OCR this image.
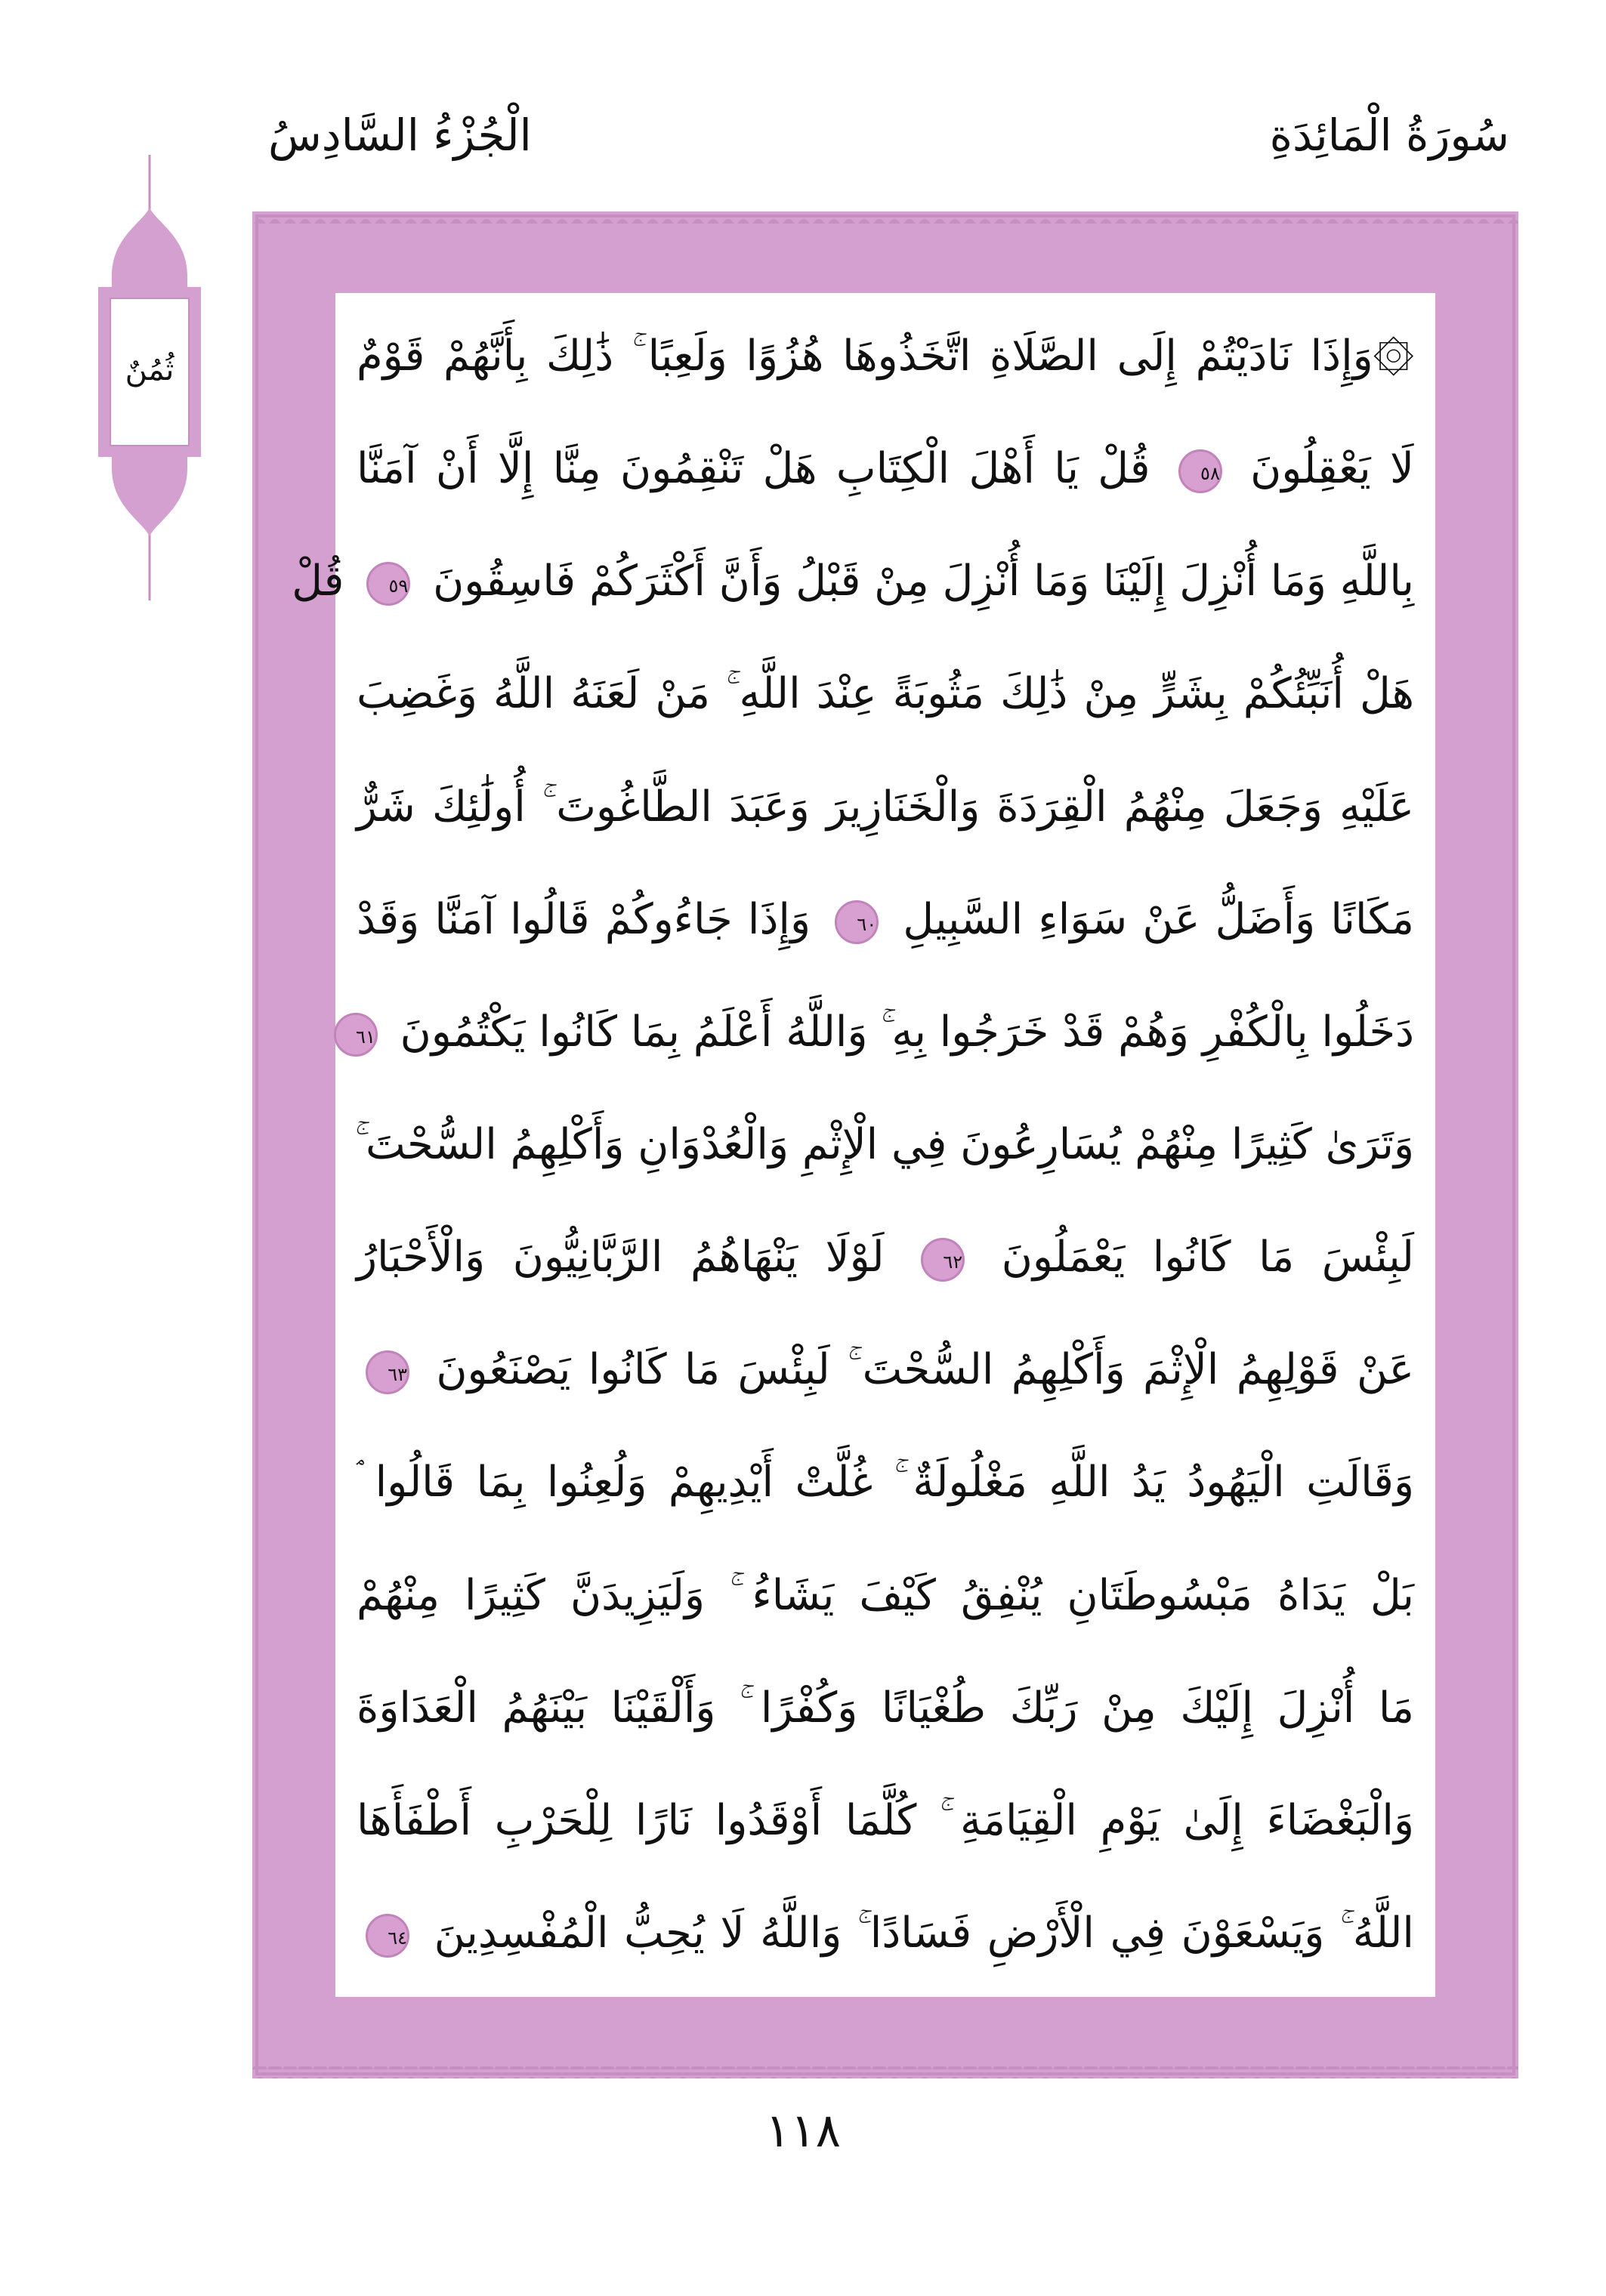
سُورَةُ الْمَائِدَةِ
الْجُزْءُ السَّادِسُ
ثُمُنٌ	۞وَإِذَا نَادَيْتُمْ إِلَى الصَّلَاةِ اتَّخَذُوهَا هُزُوًا وَلَعِبًا ۚ ذَٰلِكَ بِأَنَّهُمْ قَوْمٌ
لَا يَعْقِلُونَ ٥٨ قُلْ يَا أَهْلَ الْكِتَابِ هَلْ تَنْقِمُونَ مِنَّا إِلَّا أَنْ آمَنَّا
بِاللَّهِ وَمَا أُنْزِلَ إِلَيْنَا وَمَا أُنْزِلَ مِنْ قَبْلُ وَأَنَّ أَكْثَرَكُمْ فَاسِقُونَ ٥٩ قُلْ
هَلْ أُنَبِّئُكُمْ بِشَرٍّ مِنْ ذَٰلِكَ مَثُوبَةً عِنْدَ اللَّهِ ۚ مَنْ لَعَنَهُ اللَّهُ وَغَضِبَ
عَلَيْهِ وَجَعَلَ مِنْهُمُ الْقِرَدَةَ وَالْخَنَازِيرَ وَعَبَدَ الطَّاغُوتَ ۚ أُولَٰئِكَ شَرٌّ
مَكَانًا وَأَضَلُّ عَنْ سَوَاءِ السَّبِيلِ ٦٠ وَإِذَا جَاءُوكُمْ قَالُوا آمَنَّا وَقَدْ
دَخَلُوا بِالْكُفْرِ وَهُمْ قَدْ خَرَجُوا بِهِ ۚ وَاللَّهُ أَعْلَمُ بِمَا كَانُوا يَكْتُمُونَ ٦١
وَتَرَىٰ كَثِيرًا مِنْهُمْ يُسَارِعُونَ فِي الْإِثْمِ وَالْعُدْوَانِ وَأَكْلِهِمُ السُّحْتَ ۚ
لَبِئْسَ مَا كَانُوا يَعْمَلُونَ ٦٢ لَوْلَا يَنْهَاهُمُ الرَّبَّانِيُّونَ وَالْأَحْبَارُ
عَنْ قَوْلِهِمُ الْإِثْمَ وَأَكْلِهِمُ السُّحْتَ ۚ لَبِئْسَ مَا كَانُوا يَصْنَعُونَ ٦٣
وَقَالَتِ الْيَهُودُ يَدُ اللَّهِ مَغْلُولَةٌ ۚ غُلَّتْ أَيْدِيهِمْ وَلُعِنُوا بِمَا قَالُوا ۘ
بَلْ يَدَاهُ مَبْسُوطَتَانِ يُنْفِقُ كَيْفَ يَشَاءُ ۚ وَلَيَزِيدَنَّ كَثِيرًا مِنْهُمْ
مَا أُنْزِلَ إِلَيْكَ مِنْ رَبِّكَ طُغْيَانًا وَكُفْرًا ۚ وَأَلْقَيْنَا بَيْنَهُمُ الْعَدَاوَةَ
وَالْبَغْضَاءَ إِلَىٰ يَوْمِ الْقِيَامَةِ ۚ كُلَّمَا أَوْقَدُوا نَارًا لِلْحَرْبِ أَطْفَأَهَا
اللَّهُ ۚ وَيَسْعَوْنَ فِي الْأَرْضِ فَسَادًا ۚ وَاللَّهُ لَا يُحِبُّ الْمُفْسِدِينَ ٦٤
١١٨
